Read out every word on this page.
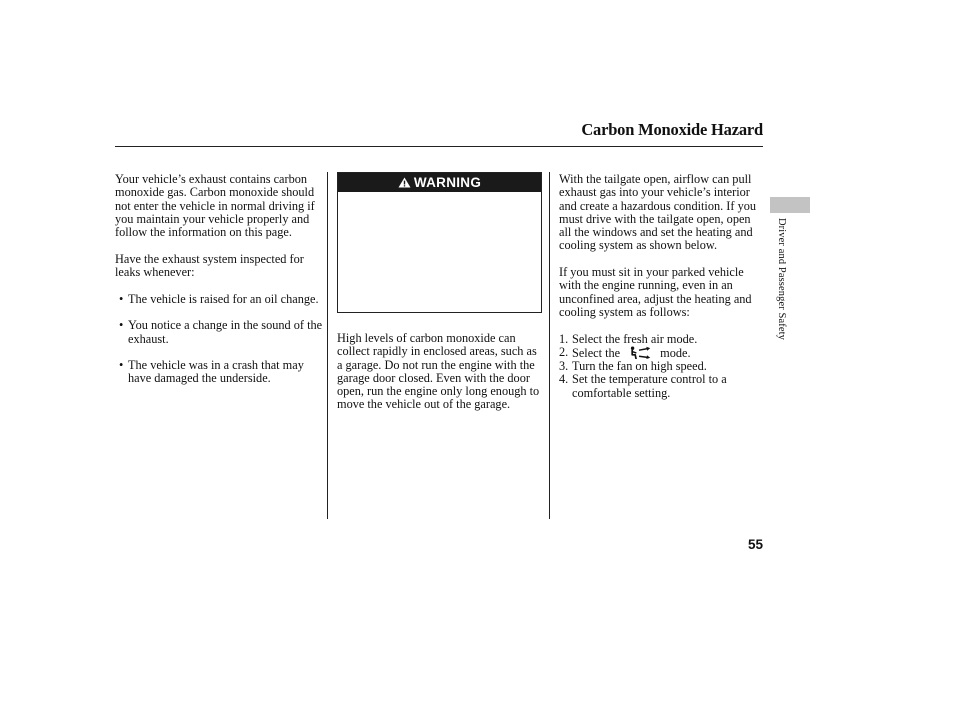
Carbon Monoxide Hazard

Your vehicle’s exhaust contains carbon monoxide gas. Carbon monoxide should not enter the vehicle in normal driving if you maintain your vehicle properly and follow the information on this page.

Have the exhaust system inspected for leaks whenever:

• The vehicle is raised for an oil change.
• You notice a change in the sound of the exhaust.
• The vehicle was in a crash that may have damaged the underside.
WARNING

High levels of carbon monoxide can collect rapidly in enclosed areas, such as a garage. Do not run the engine with the garage door closed. Even with the door open, run the engine only long enough to move the vehicle out of the garage.

With the tailgate open, airflow can pull exhaust gas into your vehicle’s interior and create a hazardous condition. If you must drive with the tailgate open, open all the windows and set the heating and cooling system as shown below.

If you must sit in your parked vehicle with the engine running, even in an unconfined area, adjust the heating and cooling system as follows:

1. Select the fresh air mode.
2. Select the	mode.
3. Turn the fan on high speed.
4. Set the temperature control to a comfortable setting.
Driver and Passenger Safety
55
